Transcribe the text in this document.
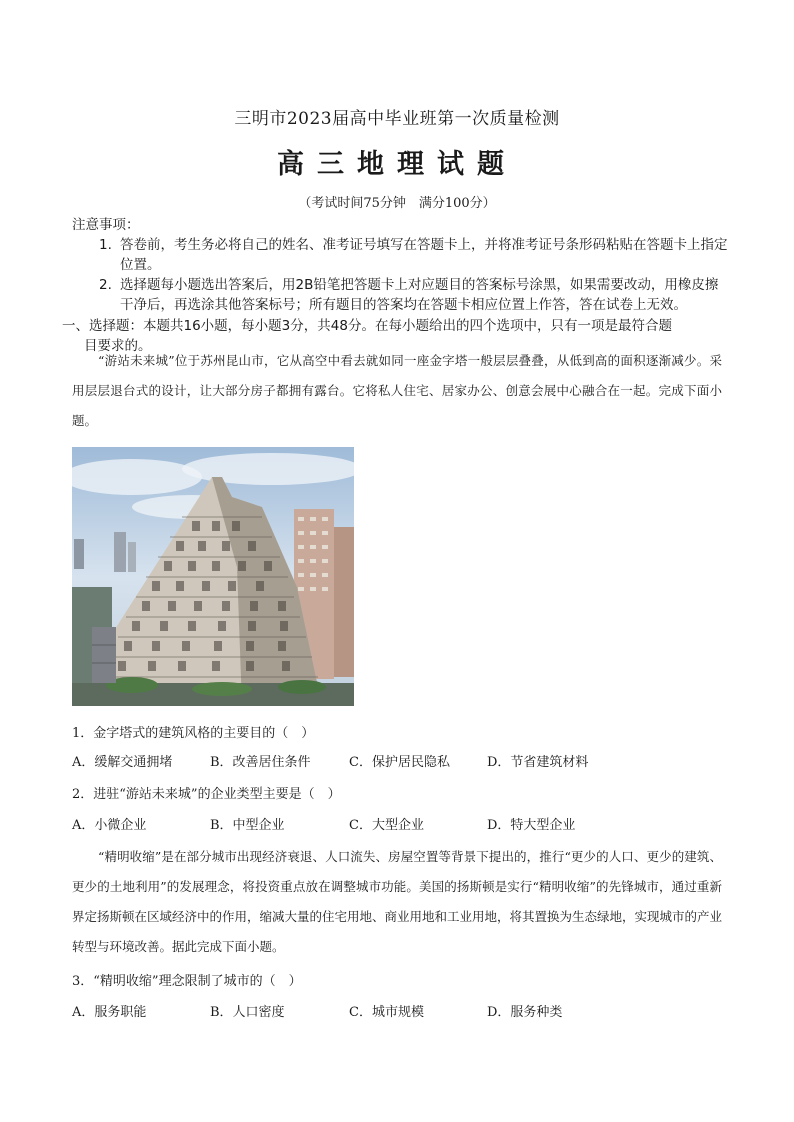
三明市2023届高中毕业班第一次质量检测
高三地理试题
（考试时间75分钟　满分100分）

注意事项：

1. 答卷前，考生务必将自己的姓名、准考证号填写在答题卡上，并将准考证号条形码粘贴在答题卡上指定位置。

2. 选择题每小题选出答案后，用2B铅笔把答题卡上对应题目的答案标号涂黑，如果需要改动，用橡皮擦干净后，再选涂其他答案标号；所有题目的答案均在答题卡相应位置上作答，答在试卷上无效。

一、选择题：本题共16小题，每小题3分，共48分。在每小题给出的四个选项中，只有一项是最符合题
目要求的。
“游站未来城”位于苏州昆山市，它从高空中看去就如同一座金字塔一般层层叠叠，从低到高的面积逐渐减少。采用层层退台式的设计，让大部分房子都拥有露台。它将私人住宅、居家办公、创意会展中心融合在一起。完成下面小题。
1．金字塔式的建筑风格的主要目的（　）
A．缓解交通拥堵	B．改善居住条件	C．保护居民隐私	D．节省建筑材料
2．进驻“游站未来城”的企业类型主要是（　）
A．小微企业	B．中型企业	C．大型企业	D．特大型企业
“精明收缩”是在部分城市出现经济衰退、人口流失、房屋空置等背景下提出的，推行“更少的人口、更少的建筑、更少的土地利用”的发展理念，将投资重点放在调整城市功能。美国的扬斯顿是实行“精明收缩”的先锋城市，通过重新界定扬斯顿在区域经济中的作用，缩减大量的住宅用地、商业用地和工业用地，将其置换为生态绿地，实现城市的产业转型与环境改善。据此完成下面小题。
3．“精明收缩”理念限制了城市的（　）
A．服务职能	B．人口密度	C．城市规模	D．服务种类
